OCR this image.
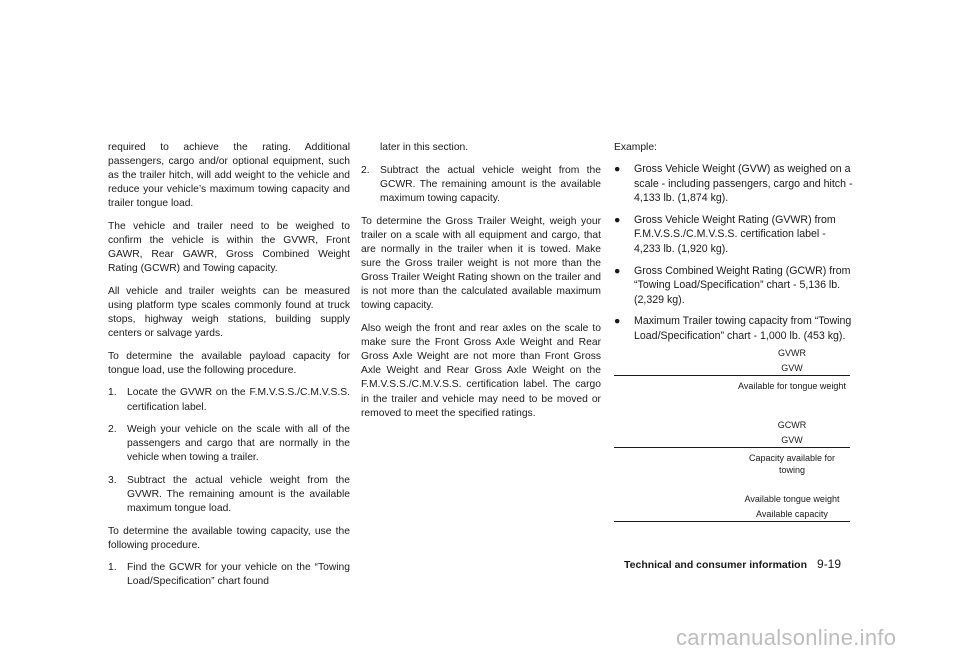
required to achieve the rating. Additional passengers, cargo and/or optional equipment, such as the trailer hitch, will add weight to the vehicle and reduce your vehicle’s maximum towing capacity and trailer tongue load.

The vehicle and trailer need to be weighed to confirm the vehicle is within the GVWR, Front GAWR, Rear GAWR, Gross Combined Weight Rating (GCWR) and Towing capacity.

All vehicle and trailer weights can be measured using platform type scales commonly found at truck stops, highway weigh stations, building supply centers or salvage yards.

To determine the available payload capacity for tongue load, use the following procedure.

1.	Locate the GVWR on the F.M.V.S.S./C.M.V.S.S. certification label.
2.	Weigh your vehicle on the scale with all of the passengers and cargo that are normally in the vehicle when towing a trailer.
3.	Subtract the actual vehicle weight from the GVWR. The remaining amount is the available maximum tongue load.

To determine the available towing capacity, use the following procedure.

1.	Find the GCWR for your vehicle on the “Towing Load/Specification” chart found
later in this section.
2.	Subtract the actual vehicle weight from the GCWR. The remaining amount is the available maximum towing capacity.

To determine the Gross Trailer Weight, weigh your trailer on a scale with all equipment and cargo, that are normally in the trailer when it is towed. Make sure the Gross trailer weight is not more than the Gross Trailer Weight Rating shown on the trailer and is not more than the calculated available maximum towing capacity.

Also weigh the front and rear axles on the scale to make sure the Front Gross Axle Weight and Rear Gross Axle Weight are not more than Front Gross Axle Weight and Rear Gross Axle Weight on the F.M.V.S.S./C.M.V.S.S. certification label. The cargo in the trailer and vehicle may need to be moved or removed to meet the specified ratings.

Example:
●	Gross Vehicle Weight (GVW) as weighed on a scale - including passengers, cargo and hitch - 4,133 lb. (1,874 kg).
●	Gross Vehicle Weight Rating (GVWR) from F.M.V.S.S./C.M.V.S.S. certification label - 4,233 lb. (1,920 kg).
●	Gross Combined Weight Rating (GCWR) from “Towing Load/Specification” chart - 5,136 lb. (2,329 kg).
●	Maximum Trailer towing capacity from “Towing Load/Specification” chart - 1,000 lb. (453 kg).
GVWR
GVW
Available for tongue weight
GCWR
GVW
Capacity available for towing
Available tongue weight
Available capacity
Technical and consumer information 9-19
carmanualsonline.info
